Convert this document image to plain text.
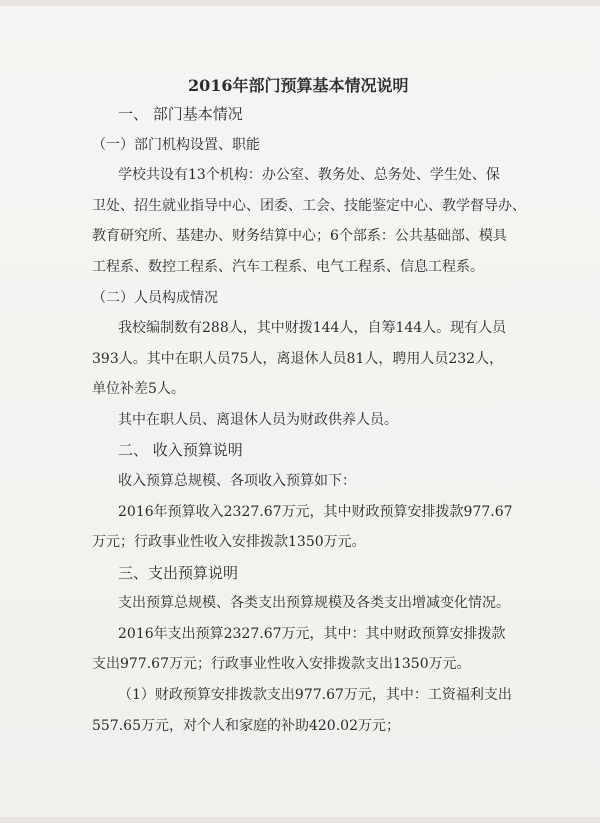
2016年部门预算基本情况说明
一、 部门基本情况
（一）部门机构设置、职能
学校共设有13个机构：办公室、教务处、总务处、学生处、保
卫处、招生就业指导中心、团委、工会、技能鉴定中心、教学督导办、
教育研究所、基建办、财务结算中心；6个部系：公共基础部、模具
工程系、数控工程系、汽车工程系、电气工程系、信息工程系。
（二）人员构成情况
我校编制数有288人，其中财拨144人，自筹144人。现有人员
393人。其中在职人员75人，离退休人员81人，聘用人员232人，
单位补差5人。
其中在职人员、离退休人员为财政供养人员。
二、 收入预算说明
收入预算总规模、各项收入预算如下：
2016年预算收入2327.67万元，其中财政预算安排拨款977.67
万元；行政事业性收入安排拨款1350万元。
三、支出预算说明
支出预算总规模、各类支出预算规模及各类支出增减变化情况。
2016年支出预算2327.67万元，其中：其中财政预算安排拨款
支出977.67万元；行政事业性收入安排拨款支出1350万元。
（1）财政预算安排拨款支出977.67万元，其中：工资福利支出
557.65万元，对个人和家庭的补助420.02万元；
